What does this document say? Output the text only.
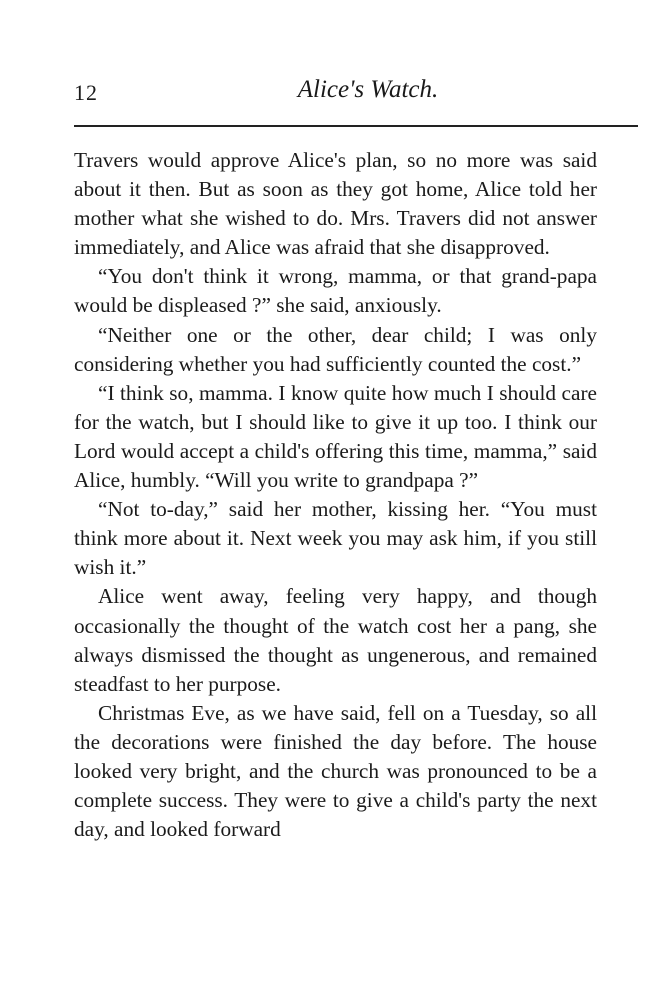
12	Alice's Watch.

Travers would approve Alice's plan, so no more was said about it then. But as soon as they got home, Alice told her mother what she wished to do. Mrs. Travers did not answer immediately, and Alice was afraid that she disapproved.

“You don't think it wrong, mamma, or that grand-papa would be displeased ?” she said, anxiously.

“Neither one or the other, dear child; I was only considering whether you had sufficiently counted the cost.”

“I think so, mamma. I know quite how much I should care for the watch, but I should like to give it up too. I think our Lord would accept a child's offering this time, mamma,” said Alice, humbly. “Will you write to grandpapa ?”

“Not to-day,” said her mother, kissing her. “You must think more about it. Next week you may ask him, if you still wish it.”

Alice went away, feeling very happy, and though occasionally the thought of the watch cost her a pang, she always dismissed the thought as ungenerous, and remained steadfast to her purpose.

Christmas Eve, as we have said, fell on a Tuesday, so all the decorations were finished the day before. The house looked very bright, and the church was pronounced to be a complete success. They were to give a child's party the next day, and looked forward
